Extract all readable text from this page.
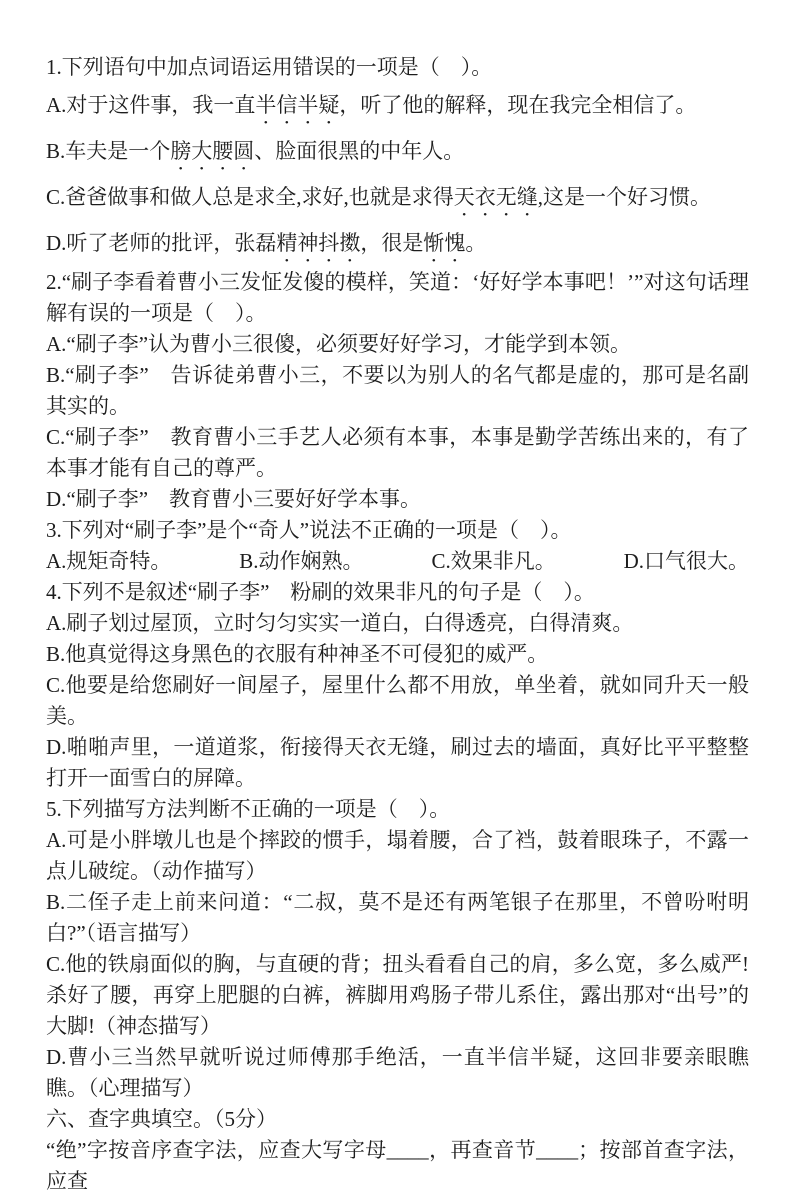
1.下列语句中加点词语运用错误的一项是（　）。

A.对于这件事，我一直半信半疑，听了他的解释，现在我完全相信了。

B.车夫是一个膀大腰圆、脸面很黑的中年人。

C.爸爸做事和做人总是求全,求好,也就是求得天衣无缝,这是一个好习惯。

D.听了老师的批评，张磊精神抖擞，很是惭愧。

2.“刷子李看着曹小三发怔发傻的模样，笑道：‘好好学本事吧！’”对这句话理解有误的一项是（　）。

A.“刷子李”认为曹小三很傻，必须要好好学习，才能学到本领。

B.“刷子李”　告诉徒弟曹小三，不要以为别人的名气都是虚的，那可是名副其实的。

C.“刷子李”　教育曹小三手艺人必须有本事，本事是勤学苦练出来的，有了本事才能有自己的尊严。

D.“刷子李”　教育曹小三要好好学本事。

3.下列对“刷子李”是个“奇人”说法不正确的一项是（　）。

A.规矩奇特。	B.动作娴熟。	C.效果非凡。	D.口气很大。

4.下列不是叙述“刷子李”　粉刷的效果非凡的句子是（　）。

A.刷子划过屋顶，立时匀匀实实一道白，白得透亮，白得清爽。

B.他真觉得这身黑色的衣服有种神圣不可侵犯的威严。

C.他要是给您刷好一间屋子，屋里什么都不用放，单坐着，就如同升天一般美。

D.啪啪声里，一道道浆，衔接得天衣无缝，刷过去的墙面，真好比平平整整打开一面雪白的屏障。

5.下列描写方法判断不正确的一项是（　）。

A.可是小胖墩儿也是个摔跤的惯手，塌着腰，合了裆，鼓着眼珠子，不露一点儿破绽。（动作描写）

B.二侄子走上前来问道：“二叔，莫不是还有两笔银子在那里，不曾吩咐明白?”（语言描写）

C.他的铁扇面似的胸，与直硬的背；扭头看看自己的肩，多么宽，多么威严!杀好了腰，再穿上肥腿的白裤，裤脚用鸡肠子带儿系住，露出那对“出号”的大脚!（神态描写）

D.曹小三当然早就听说过师傅那手绝活，一直半信半疑，这回非要亲眼瞧瞧。（心理描写）

六、查字典填空。（5分）

“绝”字按音序查字法，应查大写字母____，再查音节____；按部首查字法，应查
